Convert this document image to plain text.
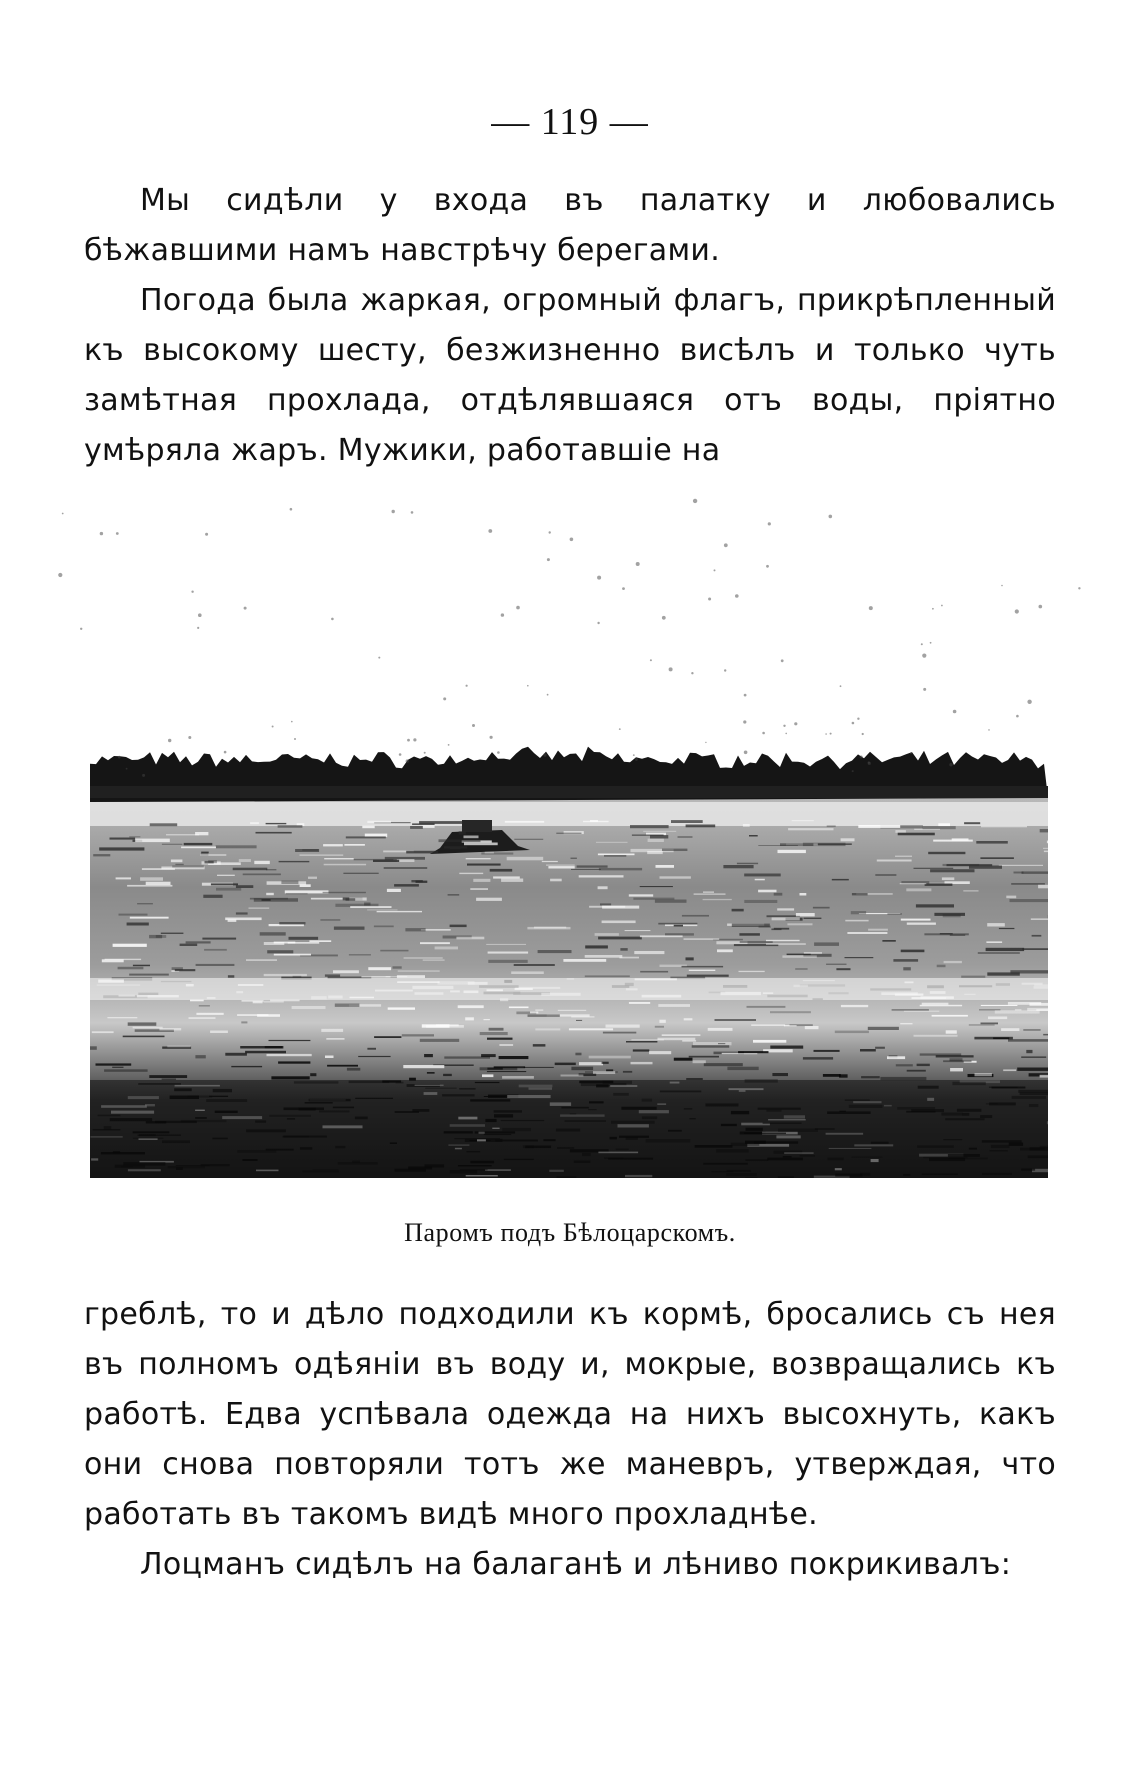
— 119 —

Мы сидѣли у входа въ палатку и любовались бѣжавшими намъ навстрѣчу берегами.

Погода была жаркая, огромный флагъ, прикрѣпленный къ высокому шесту, безжизненно висѣлъ и только чуть замѣтная прохлада, отдѣлявшаяся отъ воды, пріятно умѣряла жаръ. Мужики, работавшіе на

Паромъ подъ Бѣлоцарскомъ.

греблѣ, то и дѣло подходили къ кормѣ, бросались съ нея въ полномъ одѣяніи въ воду и, мокрые, возвращались къ работѣ. Едва успѣвала одежда на нихъ высохнуть, какъ они снова повторяли тотъ же маневръ, утверждая, что работать въ такомъ видѣ много прохладнѣе.

Лоцманъ сидѣлъ на балаганѣ и лѣниво покрикивалъ:
